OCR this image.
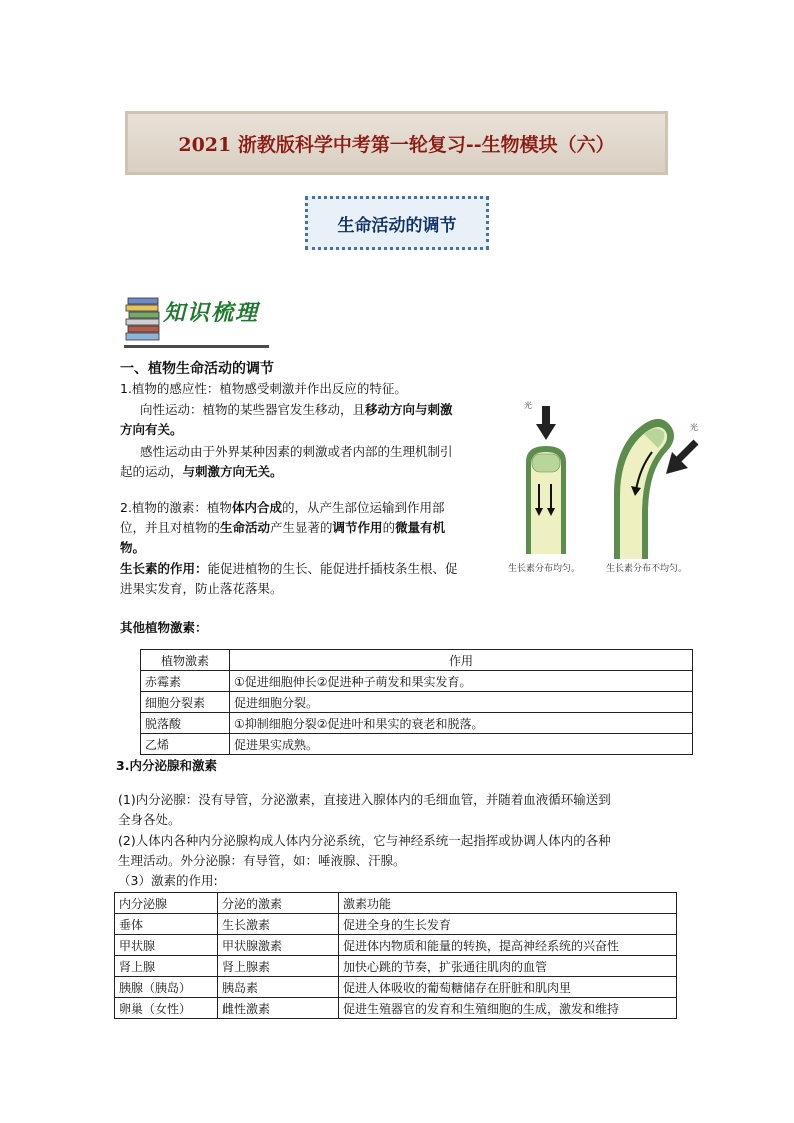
2021 浙教版科学中考第一轮复习--生物模块（六）
生命活动的调节
知识梳理
一、植物生命活动的调节
1.植物的感应性：植物感受刺激并作出反应的特征。
向性运动：植物的某些器官发生移动，且移动方向与刺激
方向有关。
感性运动由于外界某种因素的刺激或者内部的生理机制引
起的运动，与刺激方向无关。
2.植物的激素：植物体内合成的，从产生部位运输到作用部
位，并且对植物的生命活动产生显著的调节作用的微量有机
物。
生长素的作用：能促进植物的生长、能促进扦插枝条生根、促
进果实发育，防止落花落果。
光
光
生长素分布均匀。	生长素分布不均匀。
其他植物激素：
植物激素	作用
赤霉素	①促进细胞伸长②促进种子萌发和果实发育。
细胞分裂素	促进细胞分裂。
脱落酸	①抑制细胞分裂②促进叶和果实的衰老和脱落。
乙烯	促进果实成熟。
3.内分泌腺和激素
(1)内分泌腺：没有导管，分泌激素，直接进入腺体内的毛细血管，并随着血液循环输送到
全身各处。
(2)人体内各种内分泌腺构成人体内分泌系统，它与神经系统一起指挥或协调人体内的各种
生理活动。外分泌腺：有导管，如：唾液腺、汗腺。
（3）激素的作用:
内分泌腺	分泌的激素	激素功能
垂体	生长激素	促进全身的生长发育
甲状腺	甲状腺激素	促进体内物质和能量的转换，提高神经系统的兴奋性
肾上腺	肾上腺素	加快心跳的节奏，扩张通往肌肉的血管
胰腺（胰岛）	胰岛素	促进人体吸收的葡萄糖储存在肝脏和肌肉里
卵巢（女性）	雌性激素	促进生殖器官的发育和生殖细胞的生成，激发和维持
